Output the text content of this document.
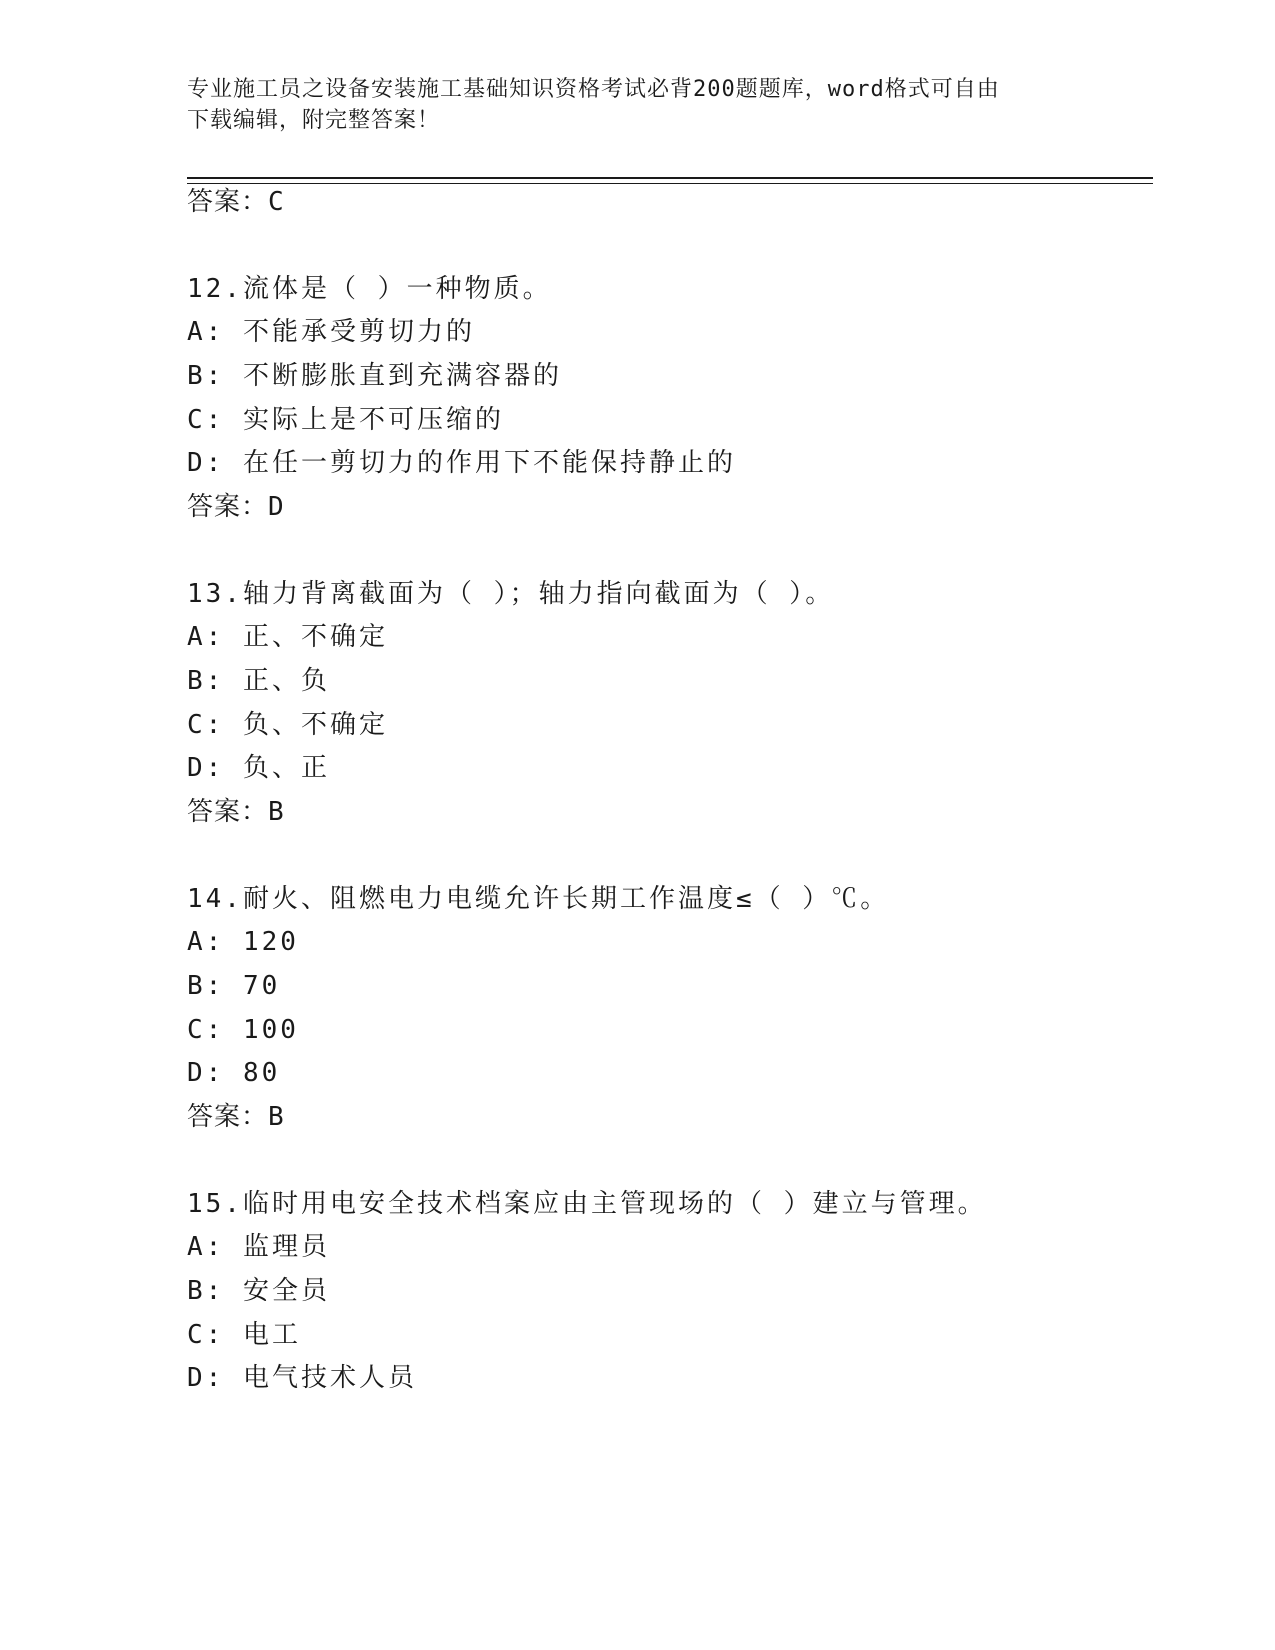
专业施工员之设备安装施工基础知识资格考试必背200题题库，word格式可自由
下载编辑，附完整答案！
答案：C
12.流体是（ ）一种物质。
A: 不能承受剪切力的
B: 不断膨胀直到充满容器的
C: 实际上是不可压缩的
D: 在任一剪切力的作用下不能保持静止的
答案：D
13.轴力背离截面为（ ）；轴力指向截面为（ ）。
A: 正、不确定
B: 正、负
C: 负、不确定
D: 负、正
答案：B
14.耐火、阻燃电力电缆允许长期工作温度≤（ ）℃。
A: 120
B: 70
C: 100
D: 80
答案：B
15.临时用电安全技术档案应由主管现场的（ ）建立与管理。
A: 监理员
B: 安全员
C: 电工
D: 电气技术人员
